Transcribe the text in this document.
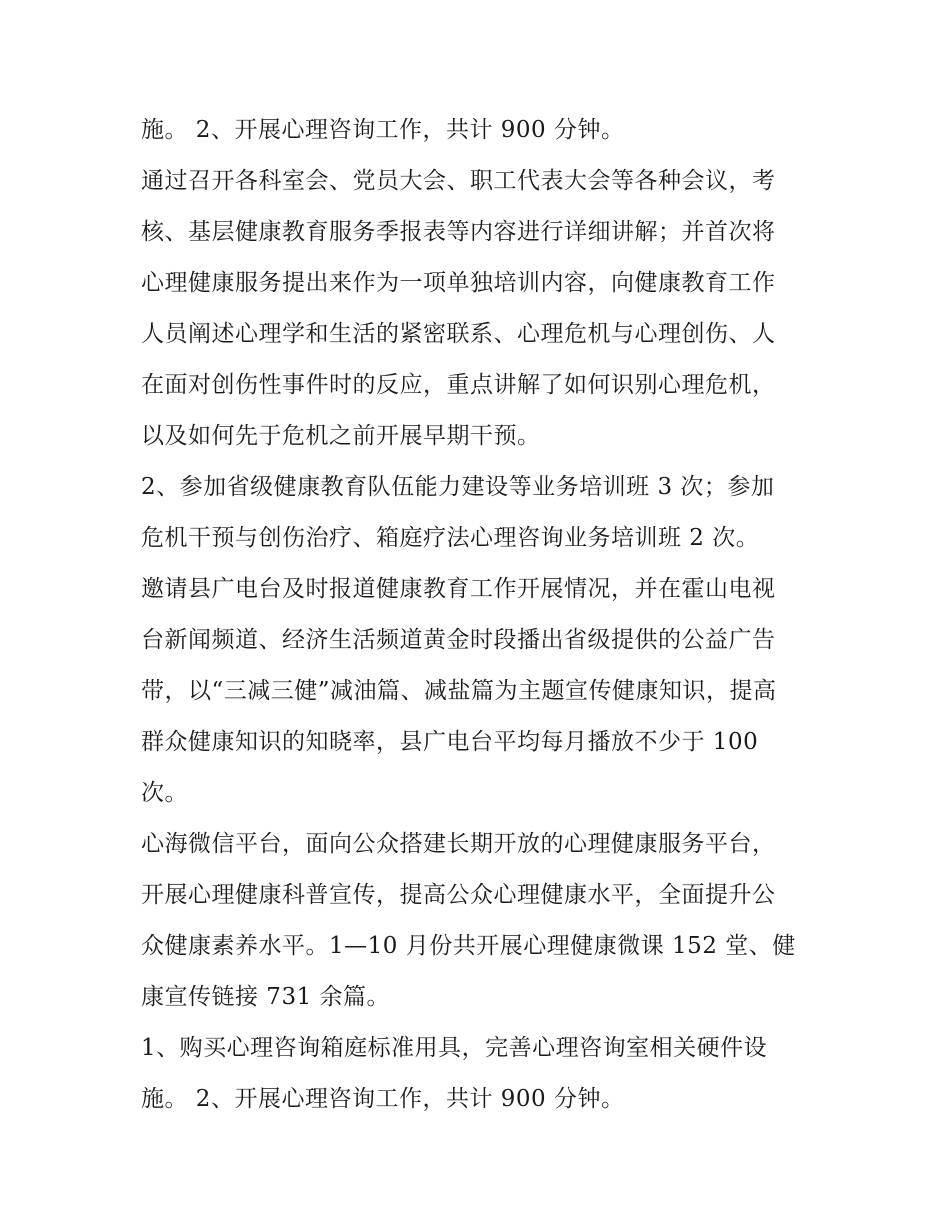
施。 2、开展心理咨询工作，共计 900 分钟。
通过召开各科室会、党员大会、职工代表大会等各种会议，考
核、基层健康教育服务季报表等内容进行详细讲解；并首次将
心理健康服务提出来作为一项单独培训内容，向健康教育工作
人员阐述心理学和生活的紧密联系、心理危机与心理创伤、人
在面对创伤性事件时的反应，重点讲解了如何识别心理危机，
以及如何先于危机之前开展早期干预。
2、参加省级健康教育队伍能力建设等业务培训班 3 次；参加
危机干预与创伤治疗、箱庭疗法心理咨询业务培训班 2 次。
邀请县广电台及时报道健康教育工作开展情况，并在霍山电视
台新闻频道、经济生活频道黄金时段播出省级提供的公益广告
带，以“三减三健”减油篇、减盐篇为主题宣传健康知识，提高
群众健康知识的知晓率，县广电台平均每月播放不少于 100
次。
心海微信平台，面向公众搭建长期开放的心理健康服务平台，
开展心理健康科普宣传，提高公众心理健康水平，全面提升公
众健康素养水平。1—10 月份共开展心理健康微课 152 堂、健
康宣传链接 731 余篇。
1、购买心理咨询箱庭标准用具，完善心理咨询室相关硬件设
施。 2、开展心理咨询工作，共计 900 分钟。
